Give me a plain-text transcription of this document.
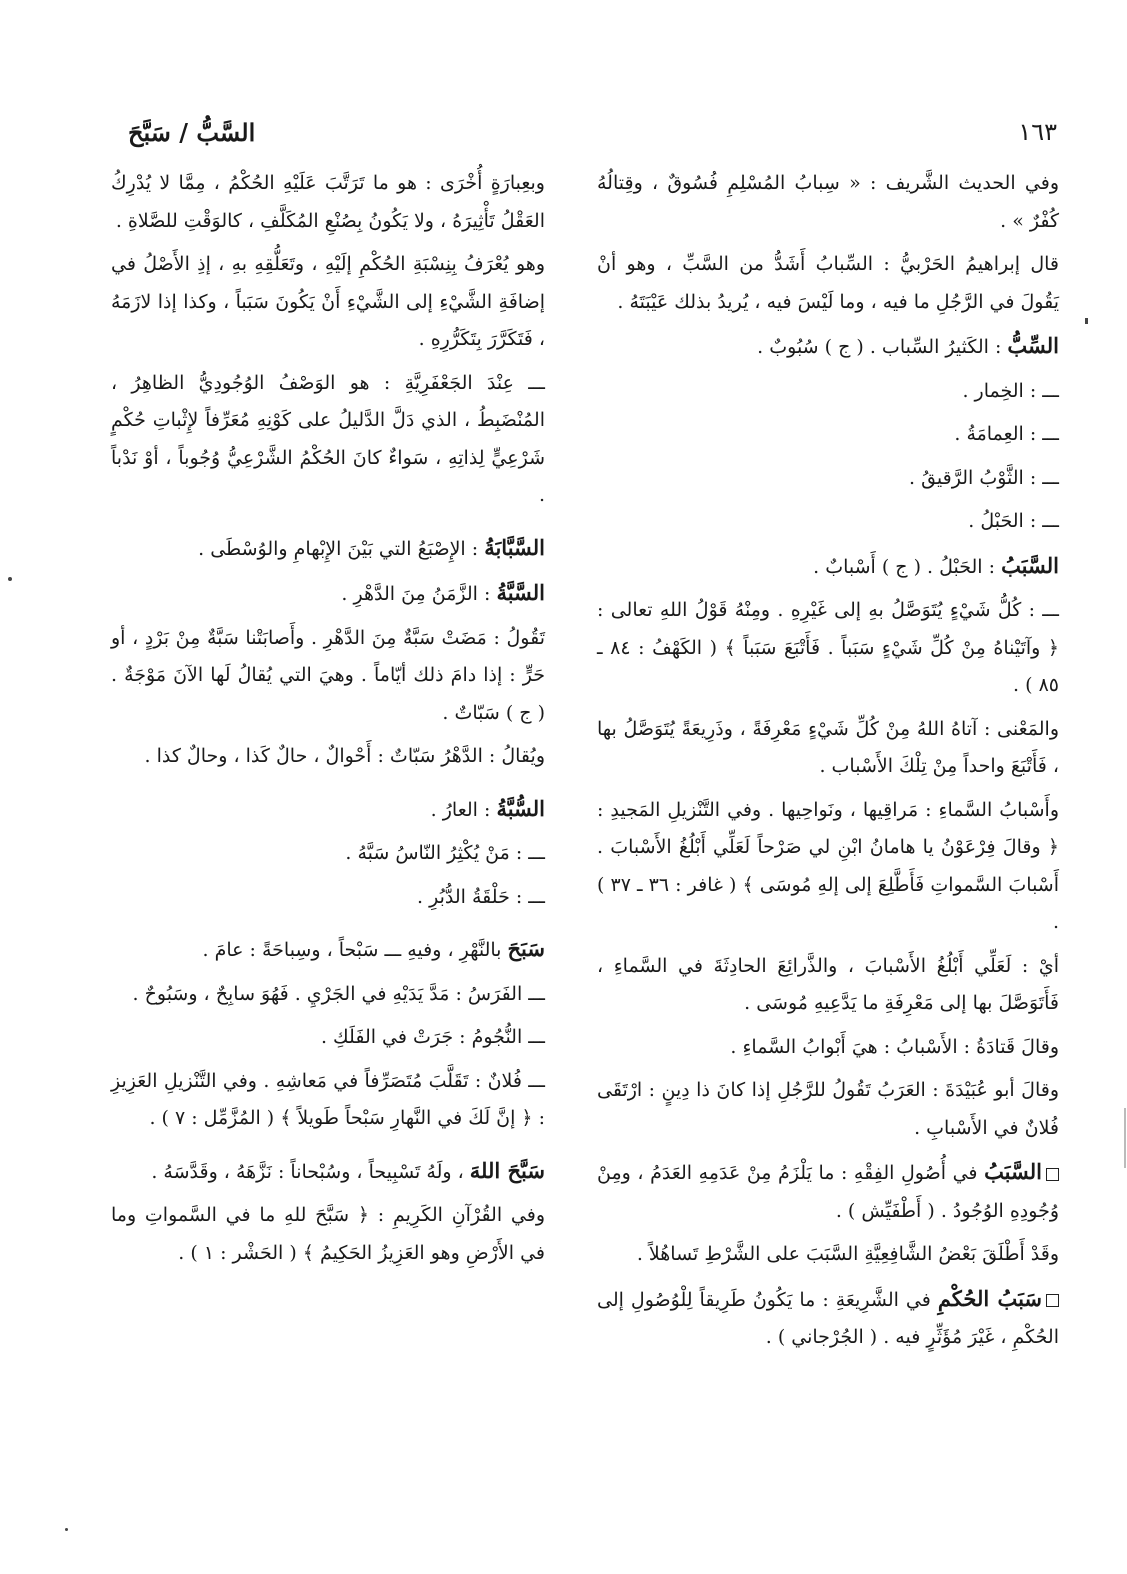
١٦٣
السَّبُّ / سَبَّحَ

وفي الحديث الشَّريف : « سِبابُ المُسْلِمِ فُسُوقٌ ، وقِتالُهُ كُفْرٌ » .

قال إبراهيمُ الحَرْبيُّ : السِّبابُ أَشَدُّ من السَّبِّ ، وهو أنْ يَقُولَ في الرَّجُلِ ما فيه ، وما لَيْسَ فيه ، يُريدُ بذلك عَيْبَتَهُ .

السِّبُّ : الكَثيرُ السِّباب . ( ج ) سُبُوبٌ .

ـــ : الخِمار .

ـــ : العِمامَةُ .

ـــ : الثَّوْبُ الرَّقيقُ .

ـــ : الحَبْلُ .

السَّبَبُ : الحَبْلُ . ( ج ) أَسْبابٌ .

ـــ : كُلُّ شَيْءٍ يُتَوَصَّلُ بهِ إلى غَيْرِهِ . ومِنْهُ قَوْلُ اللهِ تعالى : ﴿ وآتَيْناهُ مِنْ كُلِّ شَيْءٍ سَبَباً . فَأَتْبَعَ سَبَباً ﴾ ( الكَهْفُ : ٨٤ ـ ٨٥ ) .

والمَعْنى : آتاهُ اللهُ مِنْ كُلِّ شَيْءٍ مَعْرِفَةً ، وذَرِيعَةً يُتَوَصَّلُ بها ، فَأَتْبَعَ واحداً مِنْ تِلْكَ الأَسْباب .

وأَسْبابُ السَّماءِ : مَراقِيها ، ونَواحِيها . وفي التَّنْزيلِ المَجيدِ : ﴿ وقالَ فِرْعَوْنُ يا هامانُ ابْنِ لي صَرْحاً لَعَلِّي أَبْلُغُ الأَسْبابَ . أَسْبابَ السَّمواتِ فَأَطَّلِعَ إلى إلهِ مُوسَى ﴾ ( غافر : ٣٦ ـ ٣٧ ) .

أيْ : لَعَلِّي أَبْلُغُ الأَسْبابَ ، والذَّرائِعَ الحادِثَةَ في السَّماءِ ، فَأَتَوَصَّلَ بها إلى مَعْرِفَةِ ما يَدَّعِيهِ مُوسَى .

وقالَ قَتادَةُ : الأَسْبابُ : هيَ أَبْوابُ السَّماءِ .

وقالَ أبو عُبَيْدَةَ : العَرَبُ تَقُولُ للرَّجُلِ إذا كانَ ذا دِينٍ : ارْتَقَى فُلانٌ في الأَسْبابِ .

السَّبَبُ في أُصُولِ الفِقْهِ : ما يَلْزَمُ مِنْ عَدَمِهِ العَدَمُ ، ومِنْ وُجُودِهِ الوُجُودُ . ( أَطْفَيِّش ) .

وقَدْ أَطْلَقَ بَعْضُ الشَّافِعِيَّةِ السَّبَبَ على الشَّرْطِ تَساهُلاً .

سَبَبُ الحُكْمِ في الشَّرِيعَةِ : ما يَكُونُ طَرِيقاً لِلْوُصُولِ إلى الحُكْمِ ، غَيْرَ مُؤَثِّرٍ فيه . ( الجُرْجاني ) .

وبعِبارَةٍ أُخْرَى : هو ما تَرَتَّبَ عَلَيْهِ الحُكْمُ ، مِمَّا لا يُدْرِكُ العَقْلُ تَأْثِيرَهُ ، ولا يَكُونُ بِصُنْعِ المُكَلَّفِ ، كالوَقْتِ للصَّلاةِ .

وهو يُعْرَفُ بِنِسْبَةِ الحُكْمِ إلَيْهِ ، وتَعَلُّقِهِ بهِ ، إذِ الأَصْلُ في إضافَةِ الشَّيْءِ إلى الشَّيْءِ أَنْ يَكُونَ سَبَباً ، وكذا إذا لازَمَهُ ، فَتَكَرَّرَ بِتَكَرُّرِهِ .

ـــ عِنْدَ الجَعْفَرِيَّةِ : هو الوَصْفُ الوُجُودِيُّ الظاهِرُ ، المُنْضَبِطُ ، الذي دَلَّ الدَّليلُ على كَوْنِهِ مُعَرِّفاً لإِثْباتِ حُكْمٍ شَرْعِيٍّ لِذاتِهِ ، سَواءٌ كانَ الحُكْمُ الشَّرْعِيُّ وُجُوباً ، أوْ نَدْباً .

السَّبَّابَةُ : الإِصْبَعُ التي بَيْنَ الإِبْهامِ والوُسْطَى .

السَّبَّةُ : الزَّمَنُ مِنَ الدَّهْرِ .

تَقُولُ : مَضَتْ سَبَّةٌ مِنَ الدَّهْرِ . وأَصابَتْنا سَبَّةٌ مِنْ بَرْدٍ ، أو حَرٍّ : إذا دامَ ذلك أيّاماً . وهيَ التي يُقالُ لَها الآنَ مَوْجَةٌ . ( ج ) سَبّاتٌ .

ويُقالُ : الدَّهْرُ سَبّاتٌ : أَحْوالٌ ، حالٌ كَذا ، وحالٌ كذا .

السُّبَّةُ : العارُ .

ـــ : مَنْ يُكْثِرُ النّاسُ سَبَّهُ .

ـــ : حَلْقَةُ الدُّبُرِ .

سَبَحَ بالنَّهْرِ ، وفيهِ ـــ سَبْحاً ، وسِباحَةً : عامَ .

ـــ الفَرَسُ : مَدَّ يَدَيْهِ في الجَرْيِ . فَهُوَ سابِحٌ ، وسَبُوحٌ .

ـــ النُّجُومُ : جَرَتْ في الفَلَكِ .

ـــ فُلانٌ : تَقَلَّبَ مُتَصَرِّفاً في مَعاشِهِ . وفي التَّنْزيلِ العَزِيزِ : ﴿ إنَّ لَكَ في النَّهارِ سَبْحاً طَويلاً ﴾ ( المُزَّمِّل : ٧ ) .

سَبَّحَ اللهَ ، ولَهُ تَسْبِيحاً ، وسُبْحاناً : نَزَّهَهُ ، وقَدَّسَهُ .

وفي القُرْآنِ الكَرِيمِ : ﴿ سَبَّحَ للهِ ما في السَّمواتِ وما في الأَرْضِ وهو العَزِيزُ الحَكِيمُ ﴾ ( الحَشْر : ١ ) .
